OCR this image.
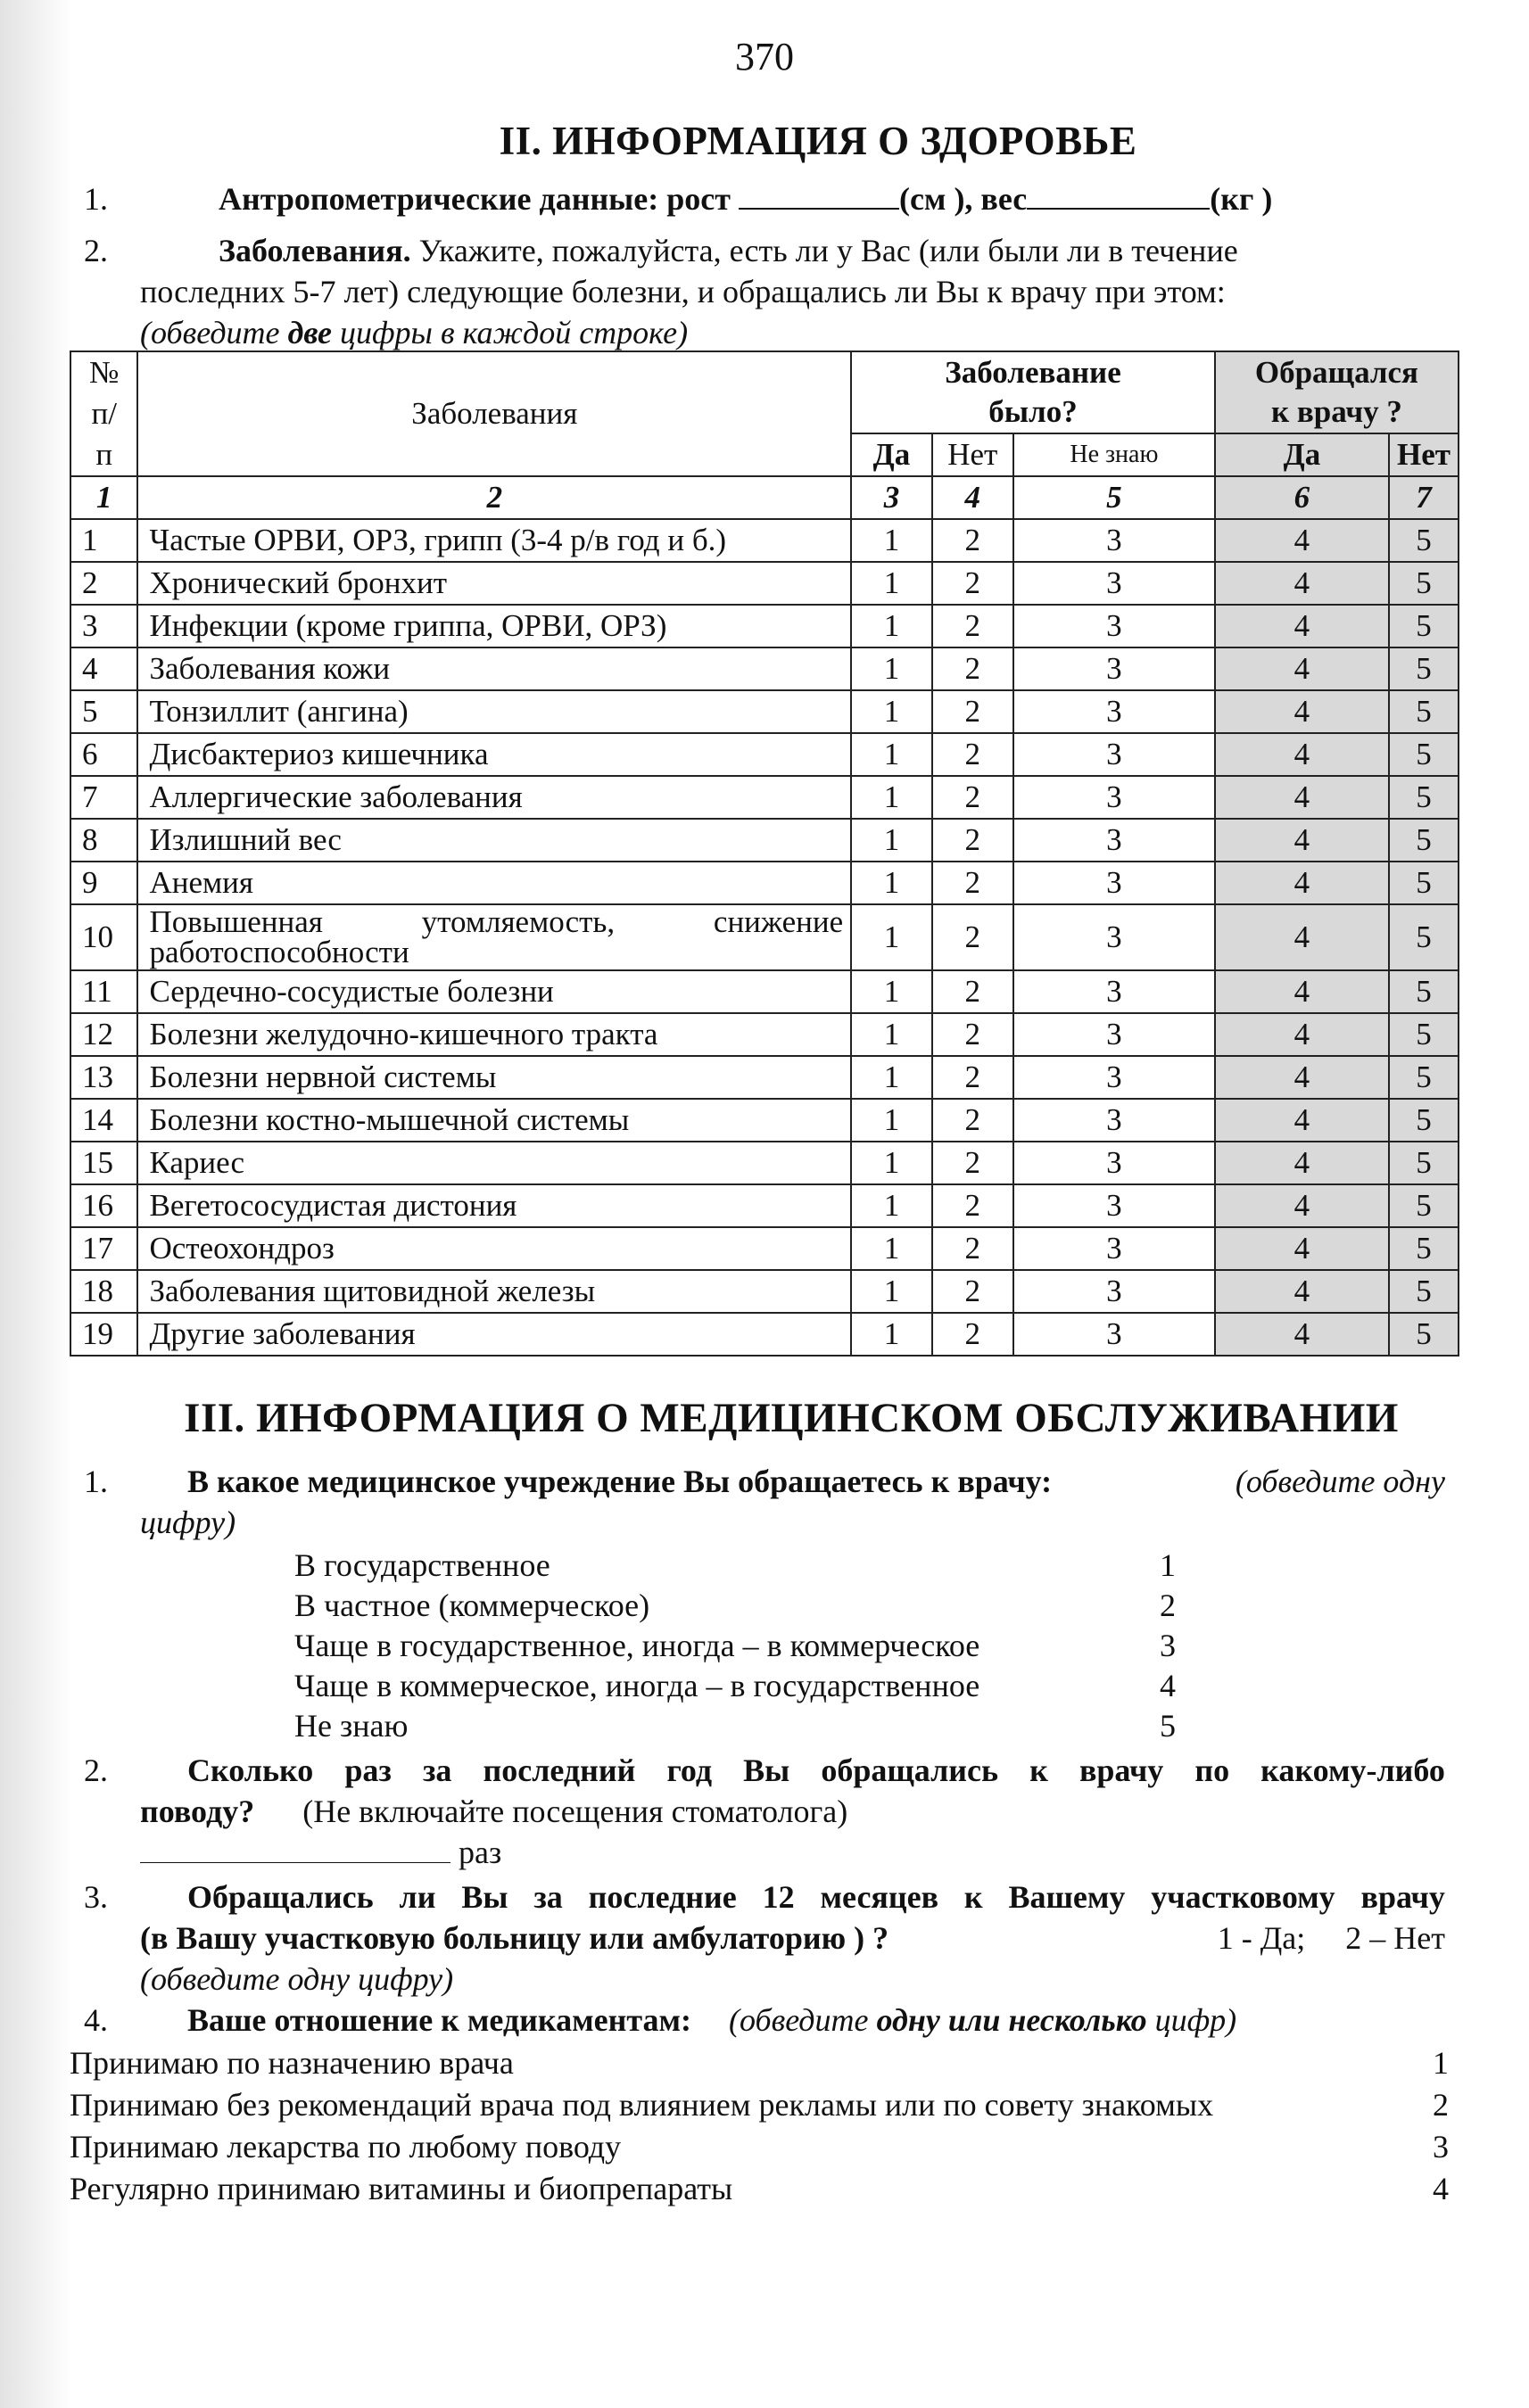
370
II. ИНФОРМАЦИЯ О ЗДОРОВЬЕ
1.	Антропометрические данные: рост	(см ), вес	(кг )
2.	Заболевания. Укажите, пожалуйста, есть ли у Вас (или были ли в течение
последних 5-7 лет) следующие болезни, и обращались ли Вы к врачу при этом:
(обведите две цифры в каждой строке)
№
п/
п	Заболевания	Заболевание было?			Обращался к врачу ?	
		Да	Нет	Не знаю	Да	Нет
1	2	3	4	5	6	7
1	Частые ОРВИ, ОРЗ, грипп (3-4 р/в год и б.)	1	2	3	4	5
2	Хронический бронхит	1	2	3	4	5
3	Инфекции (кроме гриппа, ОРВИ, ОРЗ)	1	2	3	4	5
4	Заболевания кожи	1	2	3	4	5
5	Тонзиллит (ангина)	1	2	3	4	5
6	Дисбактериоз кишечника	1	2	3	4	5
7	Аллергические заболевания	1	2	3	4	5
8	Излишний вес	1	2	3	4	5
9	Анемия	1	2	3	4	5
10	Повышенная утомляемость, снижение
работоспособности	1	2	3	4	5
11	Сердечно-сосудистые болезни	1	2	3	4	5
12	Болезни желудочно-кишечного тракта	1	2	3	4	5
13	Болезни нервной системы	1	2	3	4	5
14	Болезни костно-мышечной системы	1	2	3	4	5
15	Кариес	1	2	3	4	5
16	Вегетососудистая дистония	1	2	3	4	5
17	Остеохондроз	1	2	3	4	5
18	Заболевания щитовидной железы	1	2	3	4	5
19	Другие заболевания	1	2	3	4	5
III. ИНФОРМАЦИЯ О МЕДИЦИНСКОМ ОБСЛУЖИВАНИИ
1. В какое медицинское учреждение Вы обращаетесь к врачу:	(обведите одну
цифру)
В государственное	1
В частное (коммерческое)	2
Чаще в государственное, иногда – в коммерческое	3
Чаще в коммерческое, иногда – в государственное	4
Не знаю	5
2. Сколько раз за последний год Вы обращались к врачу по какому-либо
поводу? (Не включайте посещения стоматолога)
раз
3. Обращались ли Вы за последние 12 месяцев к Вашему участковому врачу
(в Вашу участковую больницу или амбулаторию ) ?	1 - Да;     2 – Нет
(обведите одну цифру)
4. Ваше отношение к медикаментам: (обведите одну или несколько цифр)
Принимаю по назначению врача	1
Принимаю без рекомендаций врача под влиянием рекламы или по совету знакомых	2
Принимаю лекарства по любому поводу	3
Регулярно принимаю витамины и биопрепараты	4
